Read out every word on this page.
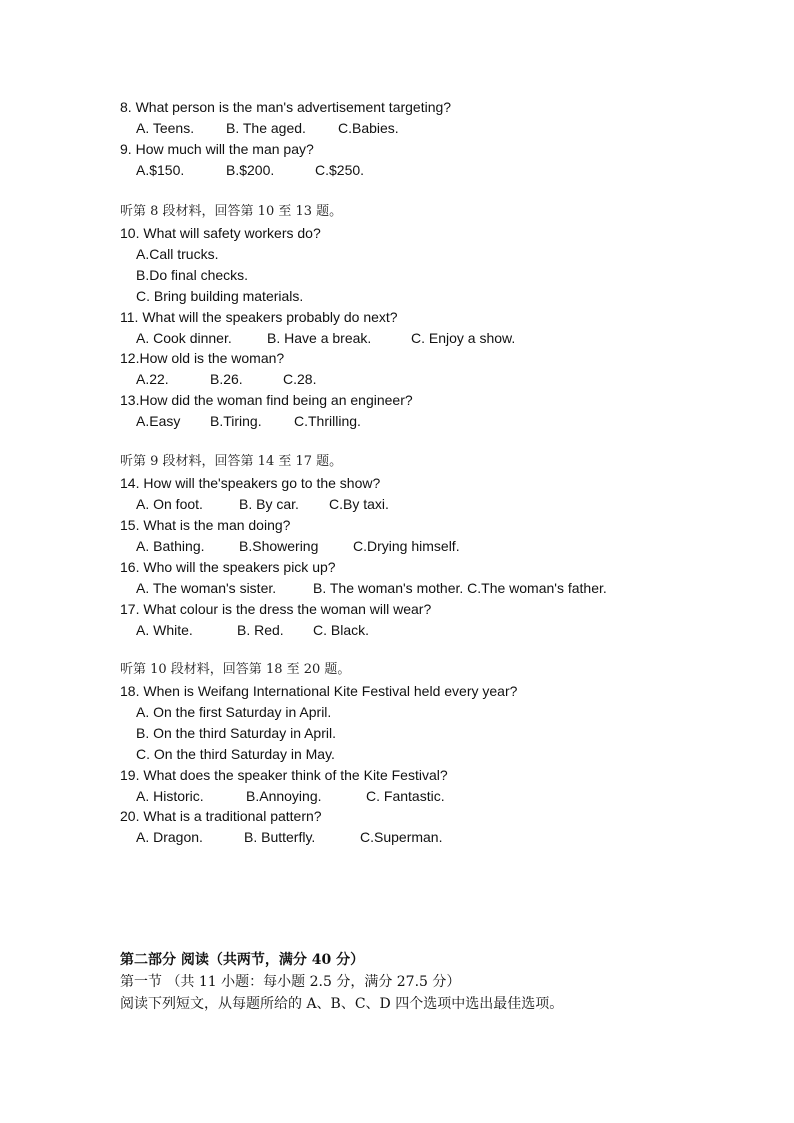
8. What person is the man's advertisement targeting?
A. Teens. B. The aged. C.Babies.
9. How much will the man pay?
A.$150.	B.$200.	C.$250.
听第 8 段材料，回答第 10 至 13 题。
10. What will safety workers do?
A.Call trucks.
B.Do final checks.
C. Bring building materials.
11. What will the speakers probably do next?
A. Cook dinner.	B. Have a break.	C. Enjoy a show.
12.How old is the woman?
A.22.	B.26.	C.28.
13.How did the woman find being an engineer?
A.Easy B.Tiring. C.Thrilling.
听第 9 段材料，回答第 14 至 17 题。
14. How will the'speakers go to the show?
A. On foot.	B. By car. C.By taxi.
15. What is the man doing?
A. Bathing. B.Showering C.Drying himself.
16. Who will the speakers pick up?
A. The woman's sister.	B. The woman's mother. C.The woman's father.
17. What colour is the dress the woman will wear?
A. White.	B. Red. C. Black.
听第 10 段材料，回答第 18 至 20 题。
18. When is Weifang International Kite Festival held every year?
A. On the first Saturday in April.
B. On the third Saturday in April.
C. On the third Saturday in May.
19. What does the speaker think of the Kite Festival?
A. Historic.	B.Annoying.	C. Fantastic.
20. What is a traditional pattern?
A. Dragon.	B. Butterfly.	C.Superman.
第二部分 阅读（共两节，满分 40 分）
第一节 （共 11 小题：每小题 2.5 分，满分 27.5 分）
阅读下列短文，从每题所给的 A、B、C、D 四个选项中选出最佳选项。
